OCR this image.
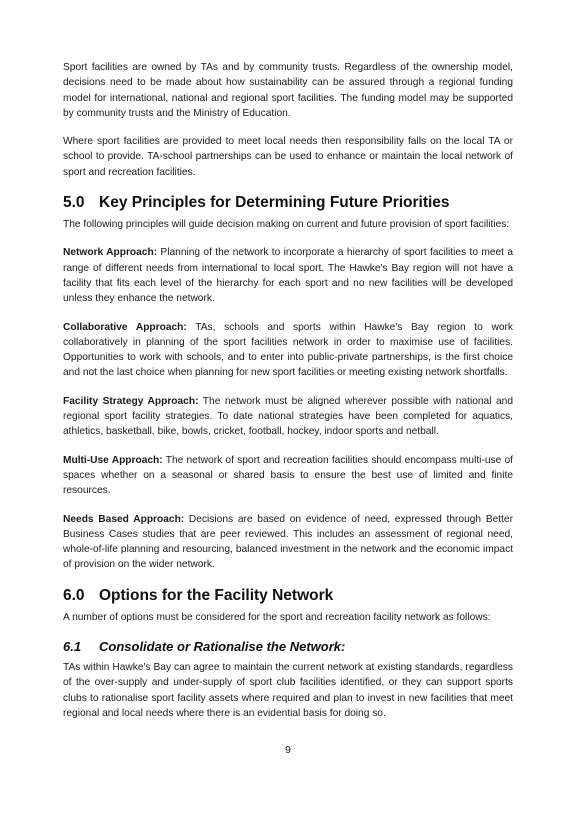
Sport facilities are owned by TAs and by community trusts. Regardless of the ownership model, decisions need to be made about how sustainability can be assured through a regional funding model for international, national and regional sport facilities. The funding model may be supported by community trusts and the Ministry of Education.

Where sport facilities are provided to meet local needs then responsibility falls on the local TA or school to provide. TA-school partnerships can be used to enhance or maintain the local network of sport and recreation facilities.

5.0 Key Principles for Determining Future Priorities

The following principles will guide decision making on current and future provision of sport facilities:

Network Approach: Planning of the network to incorporate a hierarchy of sport facilities to meet a range of different needs from international to local sport. The Hawke's Bay region will not have a facility that fits each level of the hierarchy for each sport and no new facilities will be developed unless they enhance the network.

Collaborative Approach: TAs, schools and sports within Hawke's Bay region to work collaboratively in planning of the sport facilities network in order to maximise use of facilities. Opportunities to work with schools, and to enter into public-private partnerships, is the first choice and not the last choice when planning for new sport facilities or meeting existing network shortfalls.

Facility Strategy Approach: The network must be aligned wherever possible with national and regional sport facility strategies. To date national strategies have been completed for aquatics, athletics, basketball, bike, bowls, cricket, football, hockey, indoor sports and netball.

Multi-Use Approach: The network of sport and recreation facilities should encompass multi-use of spaces whether on a seasonal or shared basis to ensure the best use of limited and finite resources.

Needs Based Approach: Decisions are based on evidence of need, expressed through Better Business Cases studies that are peer reviewed. This includes an assessment of regional need, whole-of-life planning and resourcing, balanced investment in the network and the economic impact of provision on the wider network.

6.0 Options for the Facility Network

A number of options must be considered for the sport and recreation facility network as follows:

6.1 Consolidate or Rationalise the Network:

TAs within Hawke's Bay can agree to maintain the current network at existing standards, regardless of the over-supply and under-supply of sport club facilities identified, or they can support sports clubs to rationalise sport facility assets where required and plan to invest in new facilities that meet regional and local needs where there is an evidential basis for doing so.

9
